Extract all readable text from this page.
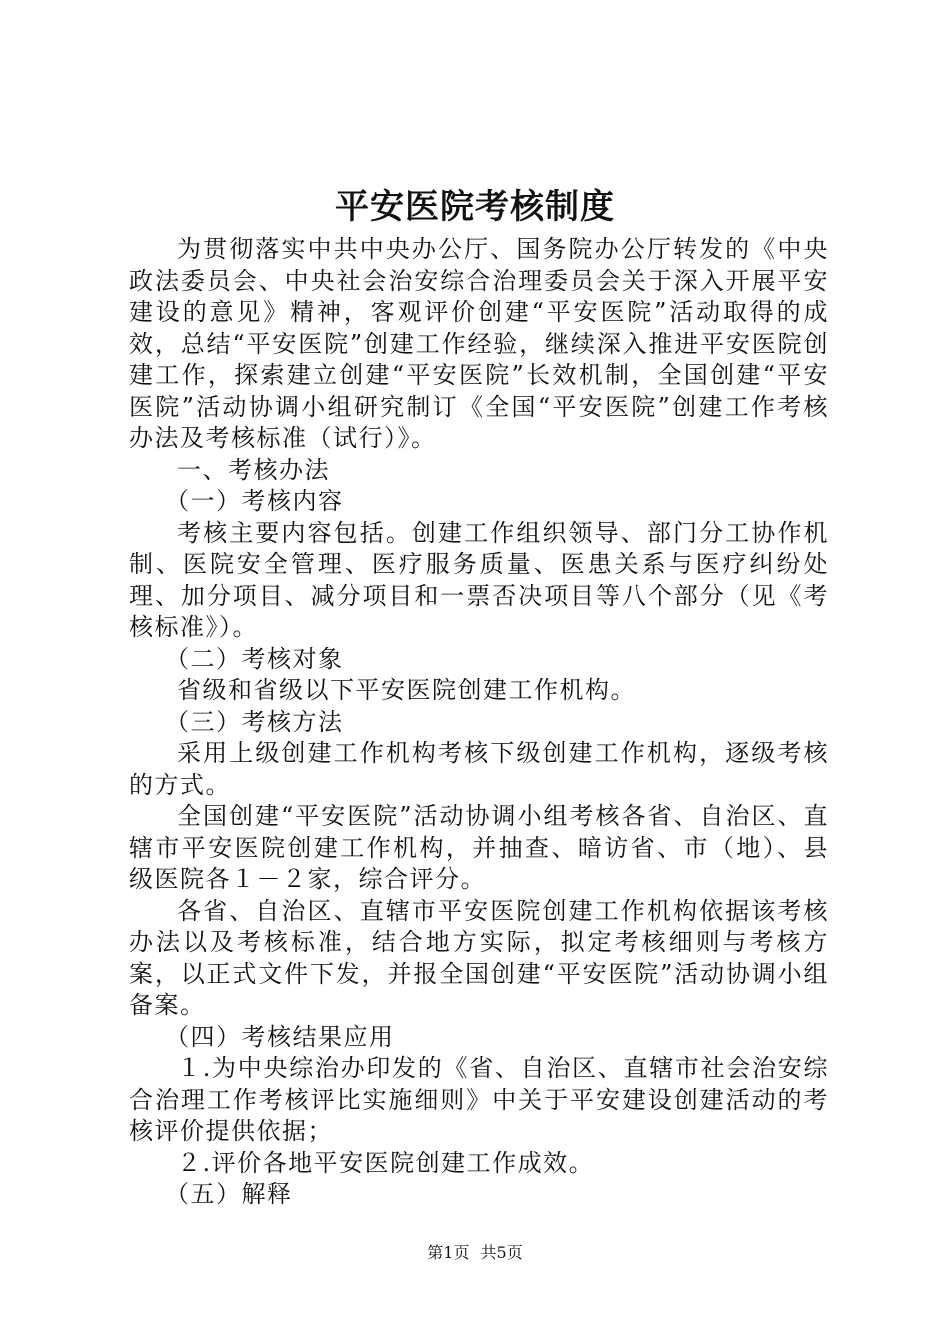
平安医院考核制度

为贯彻落实中共中央办公厅、国务院办公厅转发的《中央政法委员会、中央社会治安综合治理委员会关于深入开展平安建设的意见》精神，客观评价创建“平安医院”活动取得的成效，总结“平安医院”创建工作经验，继续深入推进平安医院创建工作，探索建立创建“平安医院”长效机制，全国创建“平安医院”活动协调小组研究制订《全国“平安医院”创建工作考核办法及考核标准（试行）》。

一、考核办法

（一）考核内容

考核主要内容包括。创建工作组织领导、部门分工协作机制、医院安全管理、医疗服务质量、医患关系与医疗纠纷处理、加分项目、减分项目和一票否决项目等八个部分（见《考核标准》）。

（二）考核对象

省级和省级以下平安医院创建工作机构。

（三）考核方法

采用上级创建工作机构考核下级创建工作机构，逐级考核的方式。

全国创建“平安医院”活动协调小组考核各省、自治区、直辖市平安医院创建工作机构，并抽查、暗访省、市（地）、县级医院各１－２家，综合评分。

各省、自治区、直辖市平安医院创建工作机构依据该考核办法以及考核标准，结合地方实际，拟定考核细则与考核方案，以正式文件下发，并报全国创建“平安医院”活动协调小组备案。

（四）考核结果应用

１.为中央综治办印发的《省、自治区、直辖市社会治安综合治理工作考核评比实施细则》中关于平安建设创建活动的考核评价提供依据；

２.评价各地平安医院创建工作成效。

（五）解释

第1页 共5页
